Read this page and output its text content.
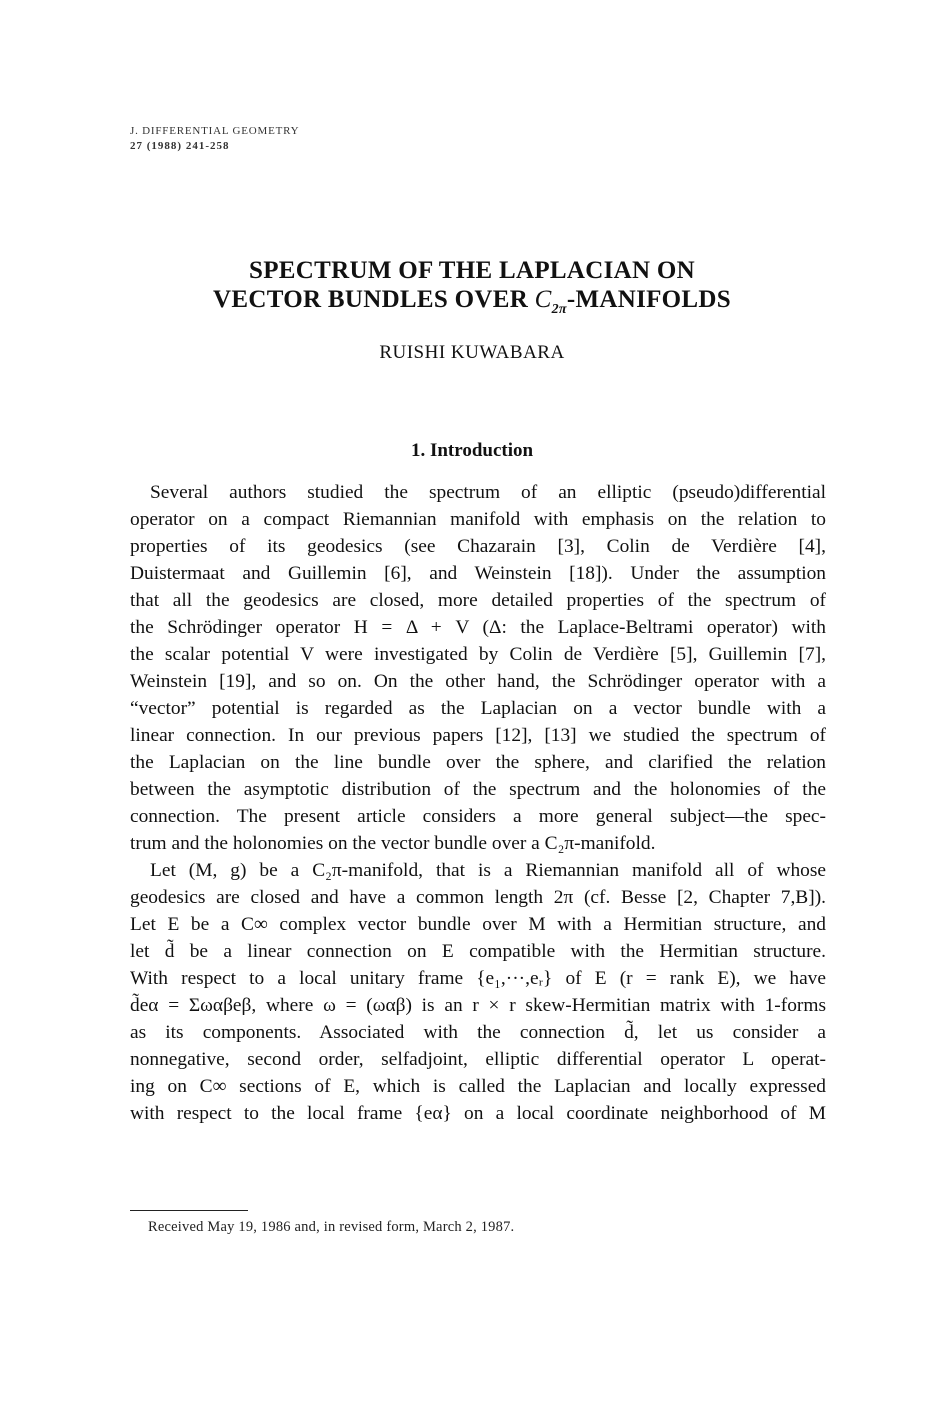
J. DIFFERENTIAL GEOMETRY
27 (1988) 241-258
SPECTRUM OF THE LAPLACIAN ON
VECTOR BUNDLES OVER $C_{2\pi}$-MANIFOLDS
RUISHI KUWABARA
1. Introduction
Several authors studied the spectrum of an elliptic (pseudo)differential
operator on a compact Riemannian manifold with emphasis on the relation to
properties of its geodesics (see Chazarain [3], Colin de Verdière [4],
Duistermaat and Guillemin [6], and Weinstein [18]). Under the assumption
that all the geodesics are closed, more detailed properties of the spectrum of
the Schrödinger operator H = Δ + V (Δ: the Laplace-Beltrami operator) with
the scalar potential V were investigated by Colin de Verdière [5], Guillemin [7],
Weinstein [19], and so on. On the other hand, the Schrödinger operator with a
“vector” potential is regarded as the Laplacian on a vector bundle with a
linear connection. In our previous papers [12], [13] we studied the spectrum of
the Laplacian on the line bundle over the sphere, and clarified the relation
between the asymptotic distribution of the spectrum and the holonomies of the
connection. The present article considers a more general subject—the spec-
trum and the holonomies on the vector bundle over a C₂π-manifold.
Let (M, g) be a C₂π-manifold, that is a Riemannian manifold all of whose
geodesics are closed and have a common length 2π (cf. Besse [2, Chapter 7,B]).
Let E be a C∞ complex vector bundle over M with a Hermitian structure, and
let d̃ be a linear connection on E compatible with the Hermitian structure.
With respect to a local unitary frame {e₁,···,eᵣ} of E (r = rank E), we have
d̃eα = Σωαβeβ, where ω = (ωαβ) is an r × r skew-Hermitian matrix with 1-forms
as its components. Associated with the connection d̃, let us consider a
nonnegative, second order, selfadjoint, elliptic differential operator L operat-
ing on C∞ sections of E, which is called the Laplacian and locally expressed
with respect to the local frame {eα} on a local coordinate neighborhood of M
Received May 19, 1986 and, in revised form, March 2, 1987.
